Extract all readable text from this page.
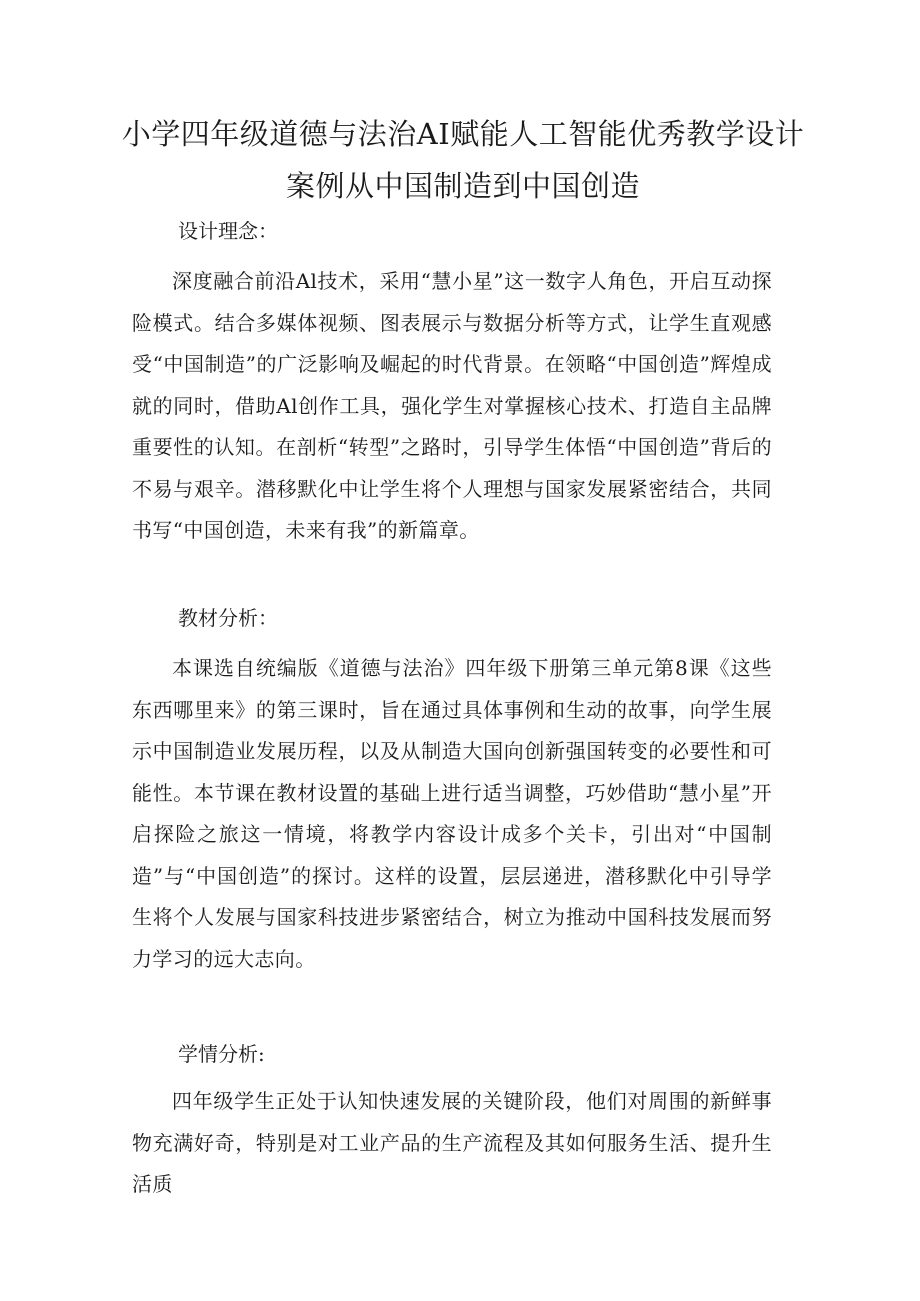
小学四年级道德与法治AI赋能人工智能优秀教学设计案例从中国制造到中国创造
设计理念：

深度融合前沿Al技术，采用“慧小星”这一数字人角色，开启互动探险模式。结合多媒体视频、图表展示与数据分析等方式，让学生直观感受“中国制造”的广泛影响及崛起的时代背景。在领略“中国创造”辉煌成就的同时，借助Al创作工具，强化学生对掌握核心技术、打造自主品牌重要性的认知。在剖析“转型”之路时，引导学生体悟“中国创造”背后的不易与艰辛。潜移默化中让学生将个人理想与国家发展紧密结合，共同书写“中国创造，未来有我”的新篇章。

教材分析：

本课选自统编版《道德与法治》四年级下册第三单元第8课《这些东西哪里来》的第三课时，旨在通过具体事例和生动的故事，向学生展示中国制造业发展历程，以及从制造大国向创新强国转变的必要性和可能性。本节课在教材设置的基础上进行适当调整，巧妙借助“慧小星”开启探险之旅这一情境，将教学内容设计成多个关卡，引出对“中国制造”与“中国创造”的探讨。这样的设置，层层递进，潜移默化中引导学生将个人发展与国家科技进步紧密结合，树立为推动中国科技发展而努力学习的远大志向。

学情分析:

四年级学生正处于认知快速发展的关键阶段，他们对周围的新鲜事物充满好奇，特别是对工业产品的生产流程及其如何服务生活、提升生活质
